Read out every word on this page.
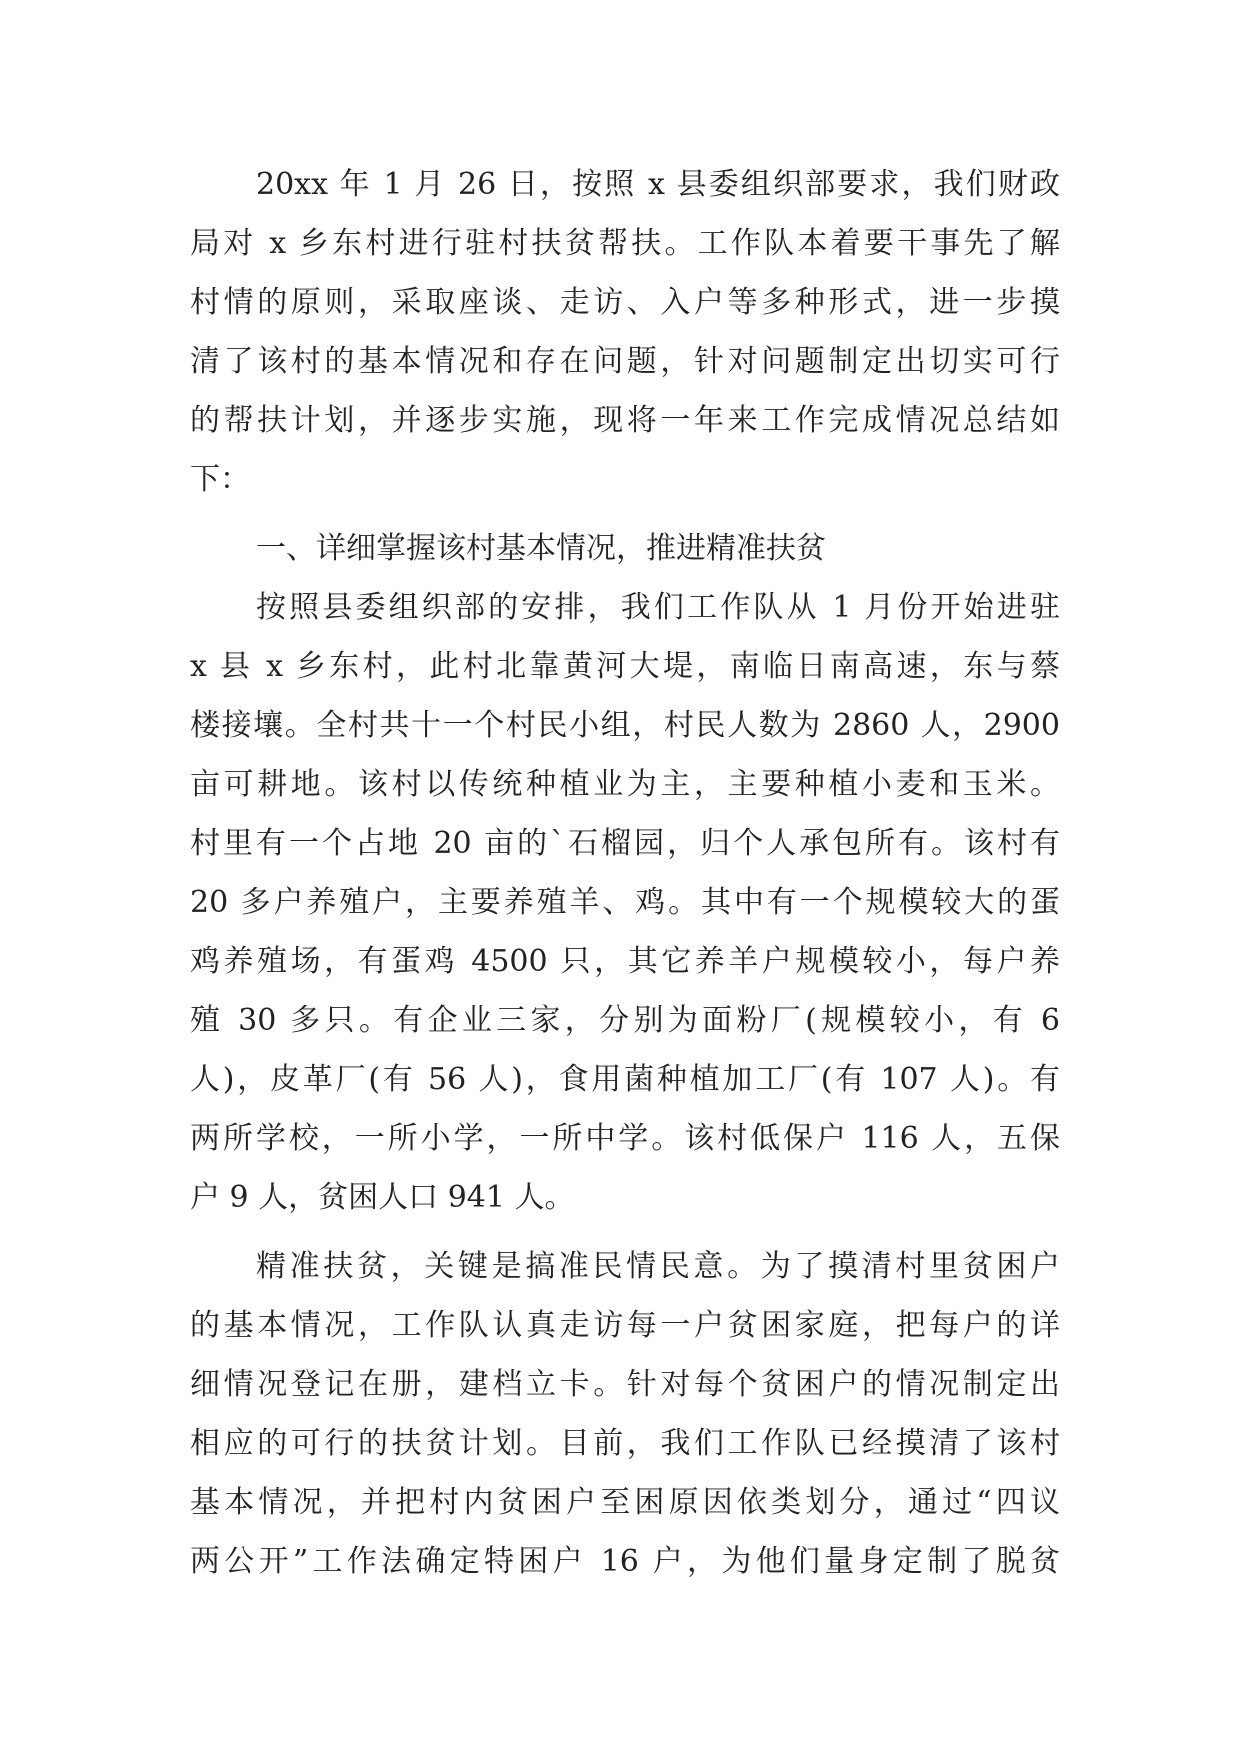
20xx 年 1 月 26 日，按照 x 县委组织部要求，我们财政
局对 x 乡东村进行驻村扶贫帮扶。工作队本着要干事先了解
村情的原则，采取座谈、走访、入户等多种形式，进一步摸
清了该村的基本情况和存在问题，针对问题制定出切实可行
的帮扶计划，并逐步实施，现将一年来工作完成情况总结如
下：
一、详细掌握该村基本情况，推进精准扶贫
按照县委组织部的安排，我们工作队从 1 月份开始进驻
x 县 x 乡东村，此村北靠黄河大堤，南临日南高速，东与蔡
楼接壤。全村共十一个村民小组，村民人数为 2860 人，2900
亩可耕地。该村以传统种植业为主，主要种植小麦和玉米。
村里有一个占地 20 亩的`石榴园，归个人承包所有。该村有
20 多户养殖户，主要养殖羊、鸡。其中有一个规模较大的蛋
鸡养殖场，有蛋鸡 4500 只，其它养羊户规模较小，每户养
殖 30 多只。有企业三家，分别为面粉厂(规模较小，有 6
人)，皮革厂(有 56 人)，食用菌种植加工厂(有 107 人)。有
两所学校，一所小学，一所中学。该村低保户 116 人，五保
户 9 人，贫困人口 941 人。
精准扶贫，关键是搞准民情民意。为了摸清村里贫困户
的基本情况，工作队认真走访每一户贫困家庭，把每户的详
细情况登记在册，建档立卡。针对每个贫困户的情况制定出
相应的可行的扶贫计划。目前，我们工作队已经摸清了该村
基本情况，并把村内贫困户至困原因依类划分，通过“四议
两公开”工作法确定特困户 16 户，为他们量身定制了脱贫
